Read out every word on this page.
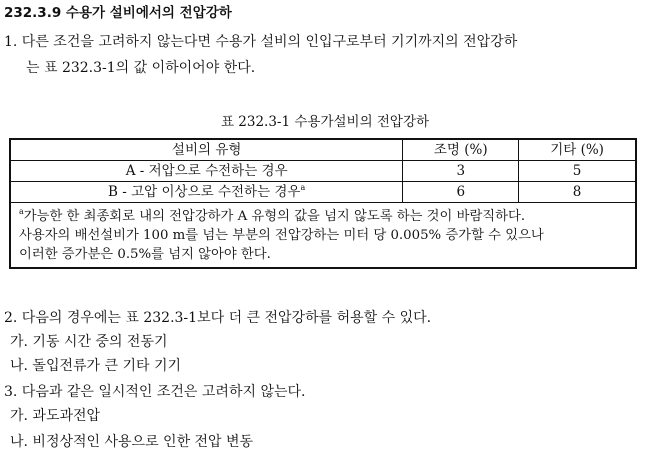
232.3.9 수용가 설비에서의 전압강하
1. 다른 조건을 고려하지 않는다면 수용가 설비의 인입구로부터 기기까지의 전압강하
는 표 232.3-1의 값 이하이어야 한다.
표 232.3-1 수용가설비의 전압강하
설비의 유형	조명 (%)	기타 (%)
A - 저압으로 수전하는 경우	3	5
B - 고압 이상으로 수전하는 경우$^a$	6	8

$^a$가능한 한 최종회로 내의 전압강하가 A 유형의 값을 넘지 않도록 하는 것이 바람직하다.
사용자의 배선설비가 100 m를 넘는 부분의 전압강하는 미터 당 0.005% 증가할 수 있으나
이러한 증가분은 0.5%를 넘지 않아야 한다.		
2. 다음의 경우에는 표 232.3-1보다 더 큰 전압강하를 허용할 수 있다.
가. 기동 시간 중의 전동기
나. 돌입전류가 큰 기타 기기
3. 다음과 같은 일시적인 조건은 고려하지 않는다.
가. 과도과전압
나. 비정상적인 사용으로 인한 전압 변동
